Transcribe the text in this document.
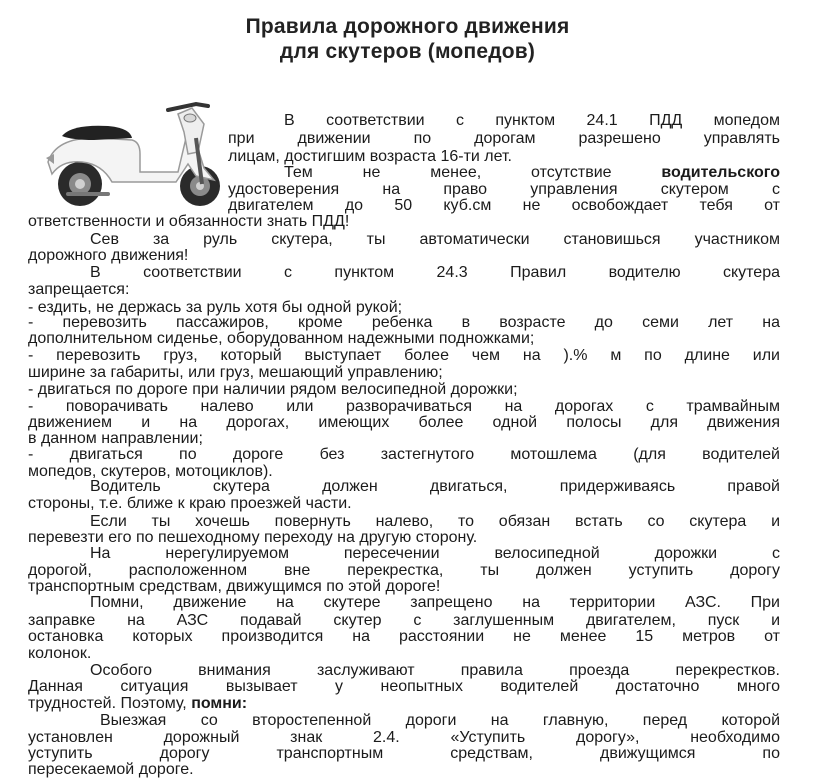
Правила дорожного движения
для скутеров (мопедов)
В соответствии с пунктом 24.1 ПДД мопедом
при движении по дорогам разрешено управлять
лицам, достигшим возраста 16-ти лет.
Тем не менее, отсутствие водительского
удостоверения на право управления скутером с
двигателем до 50 куб.см не освобождает тебя от
ответственности и обязанности знать ПДД!
Сев за руль скутера, ты автоматически становишься участником
дорожного движения!
В соответствии с пунктом 24.3 Правил водителю скутера
запрещается:
- ездить, не держась за руль хотя бы одной рукой;
- перевозить пассажиров, кроме ребенка в возрасте до семи лет на
дополнительном сиденье, оборудованном надежными подножками;
- перевозить груз, который выступает более чем на ).% м по длине или
ширине за габариты, или груз, мешающий управлению;
- двигаться по дороге при наличии рядом велосипедной дорожки;
- поворачивать налево или разворачиваться на дорогах с трамвайным
движением и на дорогах, имеющих более одной полосы для движения
в данном направлении;
- двигаться по дороге без застегнутого мотошлема (для водителей
мопедов, скутеров, мотоциклов).
Водитель скутера должен двигаться, придерживаясь правой
стороны, т.е. ближе к краю проезжей части.
Если ты хочешь повернуть налево, то обязан встать со скутера и
перевезти его по пешеходному переходу на другую сторону.
На нерегулируемом пересечении велосипедной дорожки с
дорогой, расположенном вне перекрестка, ты должен уступить дорогу
транспортным средствам, движущимся по этой дороге!
Помни, движение на скутере запрещено на территории АЗС. При
заправке на АЗС подавай скутер с заглушенным двигателем, пуск и
остановка которых производится на расстоянии не менее 15 метров от
колонок.
Особого внимания заслуживают правила проезда перекрестков.
Данная ситуация вызывает у неопытных водителей достаточно много
трудностей. Поэтому, помни:
Выезжая со второстепенной дороги на главную, перед которой
установлен дорожный знак 2.4. «Уступить дорогу», необходимо
уступить дорогу транспортным средствам, движущимся по
пересекаемой дороге.
